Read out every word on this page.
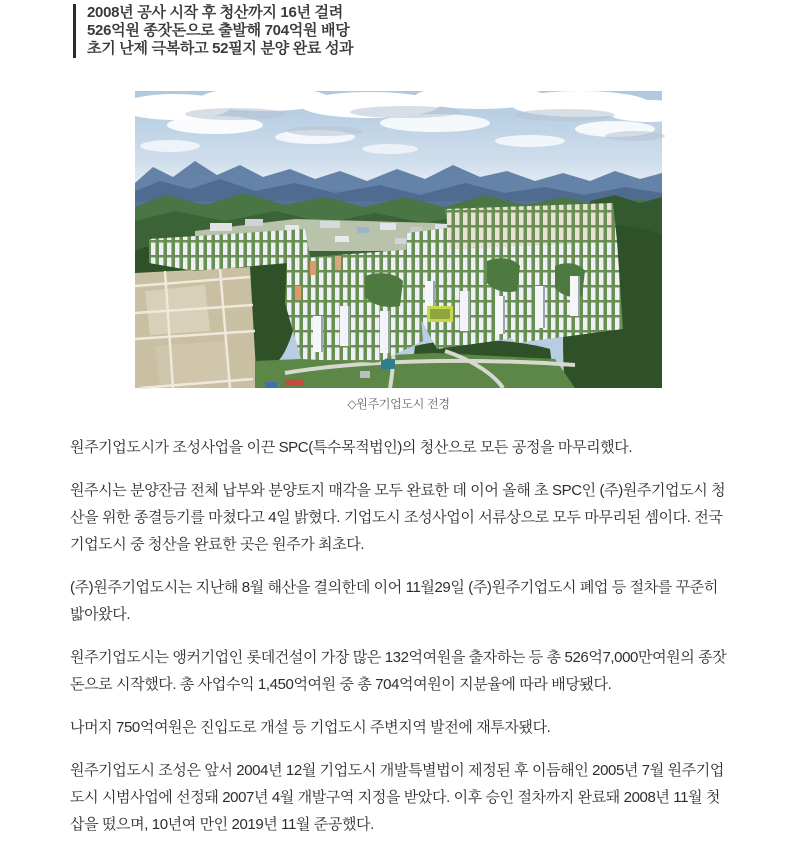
2008년 공사 시작 후 청산까지 16년 걸려

526억원 종잣돈으로 출발해 704억원 배당

초기 난제 극복하고 52필지 분양 완료 성과

◇원주기업도시 전경

원주기업도시가 조성사업을 이끈 SPC(특수목적법인)의 청산으로 모든 공정을 마무리했다.

원주시는 분양잔금 전체 납부와 분양토지 매각을 모두 완료한 데 이어 올해 초 SPC인 (주)원주기업도시 청산을 위한 종결등기를 마쳤다고 4일 밝혔다. 기업도시 조성사업이 서류상으로 모두 마무리된 셈이다. 전국 기업도시 중 청산을 완료한 곳은 원주가 최초다.

(주)원주기업도시는 지난해 8월 해산을 결의한데 이어 11월29일 (주)원주기업도시 폐업 등 절차를 꾸준히 밟아왔다.

원주기업도시는 앵커기업인 롯데건설이 가장 많은 132억여원을 출자하는 등 총 526억7,000만여원의 종잣돈으로 시작했다. 총 사업수익 1,450억여원 중 총 704억여원이 지분율에 따라 배당됐다.

나머지 750억여원은 진입도로 개설 등 기업도시 주변지역 발전에 재투자됐다.

원주기업도시 조성은 앞서 2004년 12월 기업도시 개발특별법이 제정된 후 이듬해인 2005년 7월 원주기업도시 시범사업에 선정돼 2007년 4월 개발구역 지정을 받았다. 이후 승인 절차까지 완료돼 2008년 11월 첫 삽을 떴으며, 10년여 만인 2019년 11월 준공했다.
